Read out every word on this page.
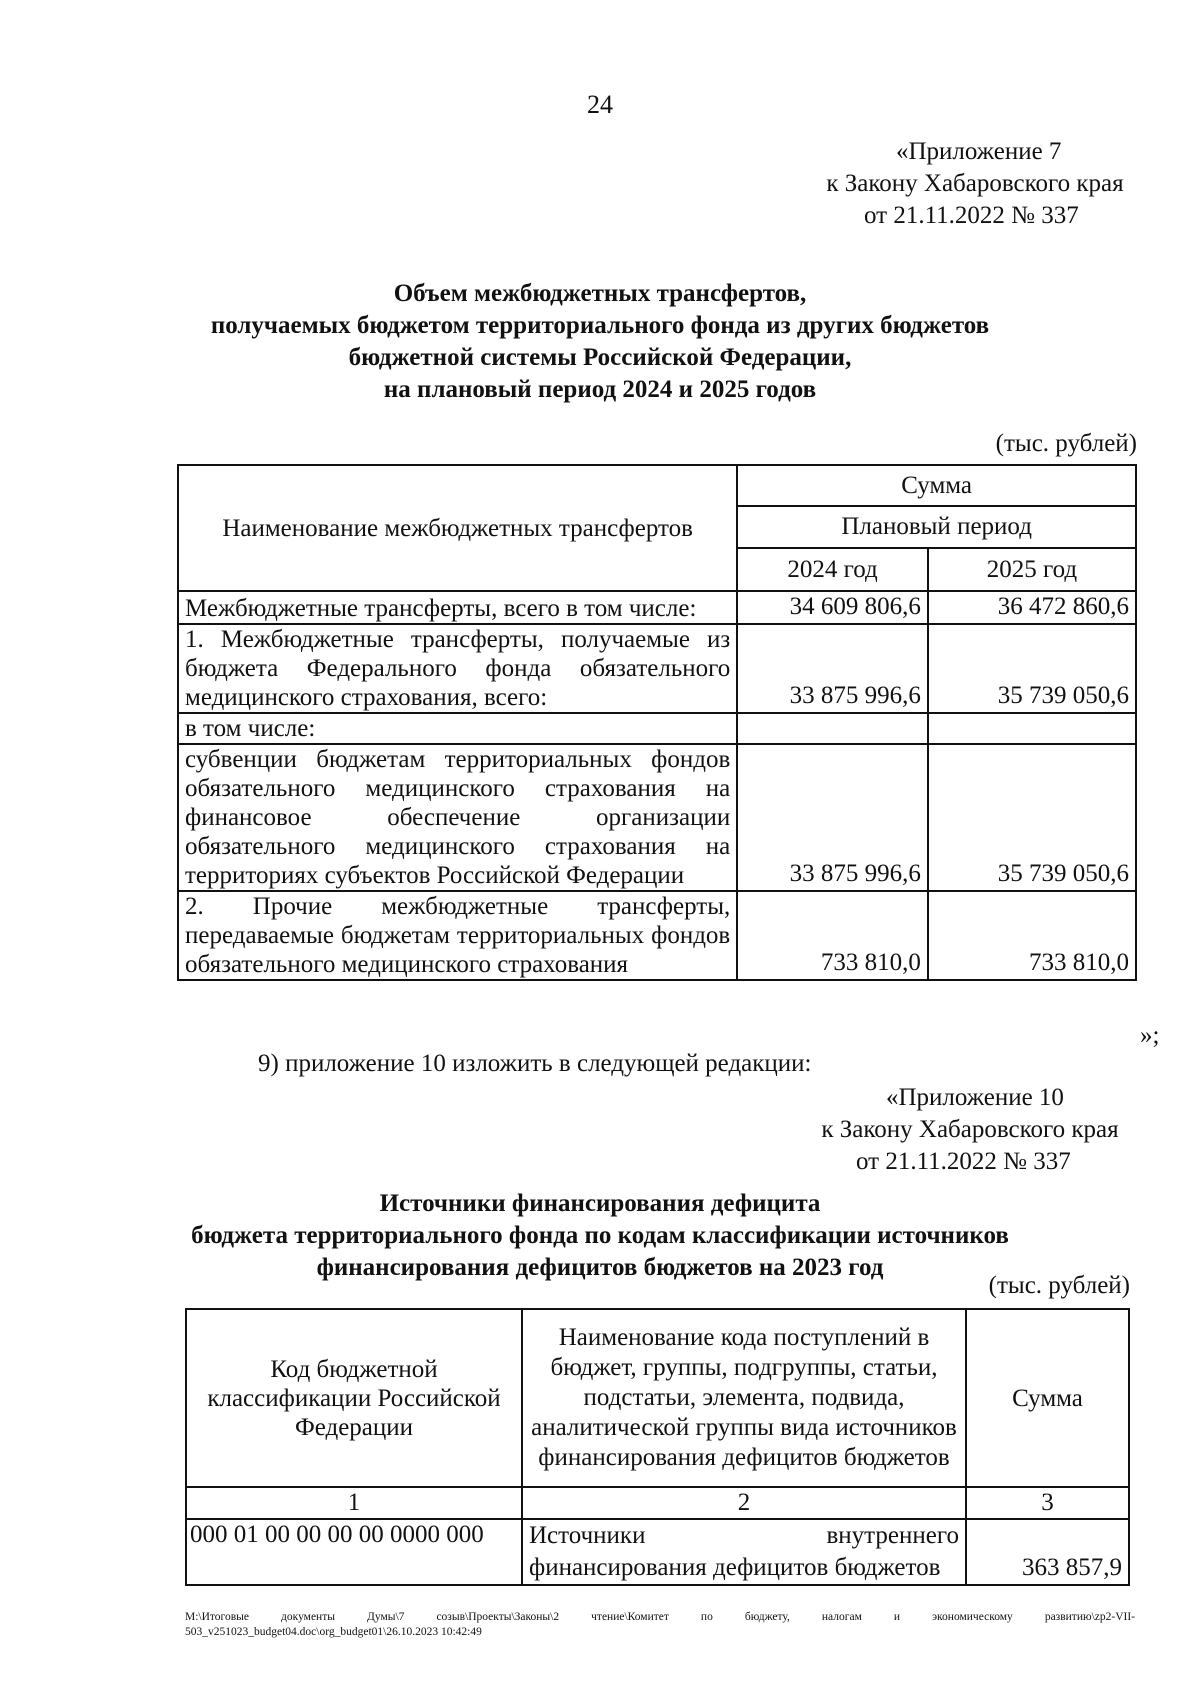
24
«Приложение 7
к Закону Хабаровского края
от 21.11.2022 № 337
Объем межбюджетных трансфертов,
получаемых бюджетом территориального фонда из других бюджетов
бюджетной системы Российской Федерации,
на плановый период 2024 и 2025 годов
(тыс. рублей)
Наименование межбюджетных трансфертов	Сумма	
	Плановый период	
	2024 год	2025 год
Межбюджетные трансферты, всего в том числе:	34 609 806,6	36 472 860,6
1. Межбюджетные трансферты, получаемые из бюджета Федерального фонда обязательного медицинского страхования, всего:	33 875 996,6	35 739 050,6
в том числе:		
субвенции бюджетам территориальных фондов обязательного медицинского страхования на финансовое обеспечение организации обязательного медицинского страхования на территориях субъектов Российской Федерации	33 875 996,6	35 739 050,6
2. Прочие межбюджетные трансферты, передаваемые бюджетам территориальных фондов обязательного медицинского страхования	733 810,0	733 810,0
»;
9) приложение 10 изложить в следующей редакции:
«Приложение 10
к Закону Хабаровского края
от 21.11.2022 № 337
Источники финансирования дефицита
бюджета территориального фонда по кодам классификации источников
финансирования дефицитов бюджетов на 2023 год
(тыс. рублей)
Код бюджетной классификации Российской Федерации	Наименование кода поступлений в бюджет, группы, подгруппы, статьи, подстатьи, элемента, подвида, аналитической группы вида источников финансирования дефицитов бюджетов	Сумма
1	2	3
000 01 00 00 00 00 0000 000	Источники внутреннего финансирования дефицитов бюджетов	363 857,9
M:\Итоговые документы Думы\7 созыв\Проекты\Законы\2 чтение\Комитет по бюджету, налогам и экономическому развитию\zp2-VII-
503_v251023_budget04.doc\org_budget01\26.10.2023 10:42:49
